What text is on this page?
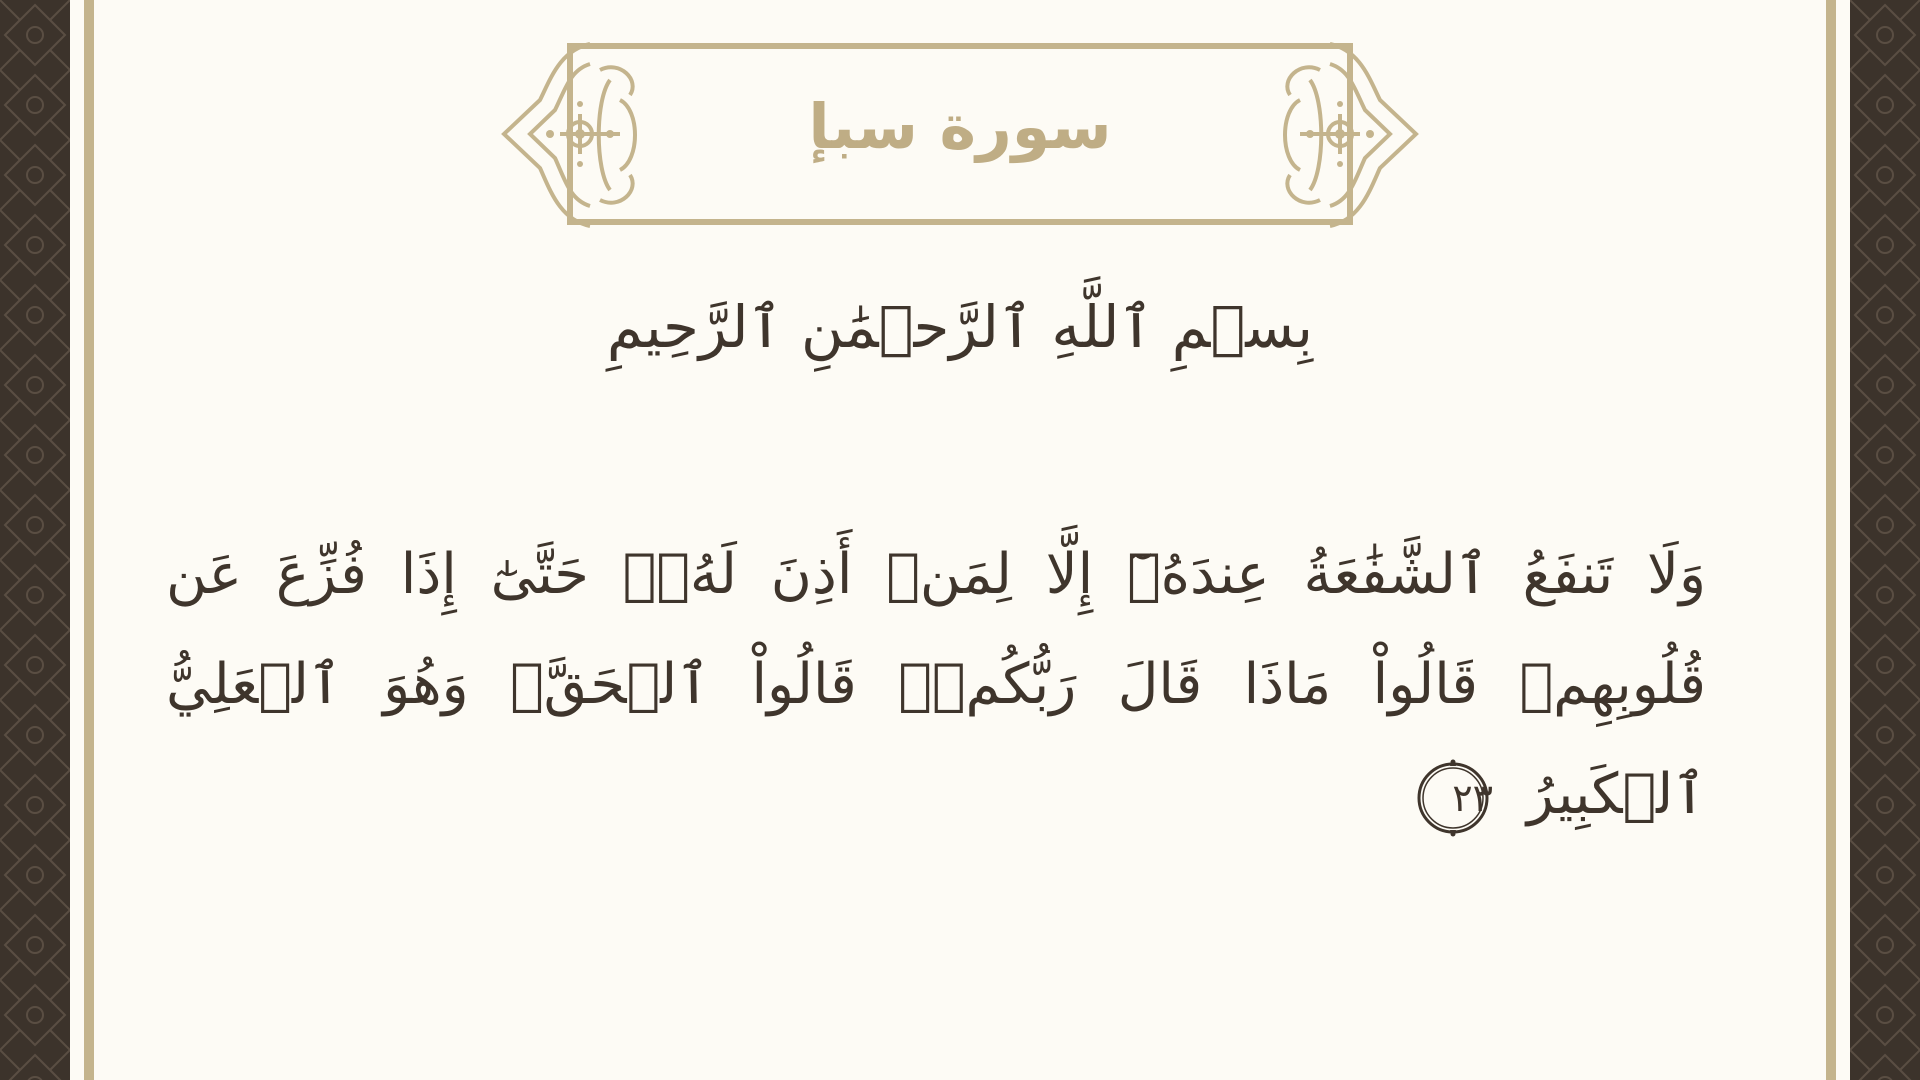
سورة سبإ
بِسۡمِ ٱللَّهِ ٱلرَّحۡمَٰنِ ٱلرَّحِيمِ
وَلَا تَنفَعُ ٱلشَّفَٰعَةُ عِندَهُۥٓ إِلَّا لِمَنۡ أَذِنَ لَهُۥۚ حَتَّىٰٓ إِذَا فُزِّعَ عَن قُلُوبِهِمۡ قَالُواْ مَاذَا قَالَ رَبُّكُمۡۖ قَالُواْ ٱلۡحَقَّۖ وَهُوَ ٱلۡعَلِيُّ ٱلۡكَبِيرُ
٢٣
